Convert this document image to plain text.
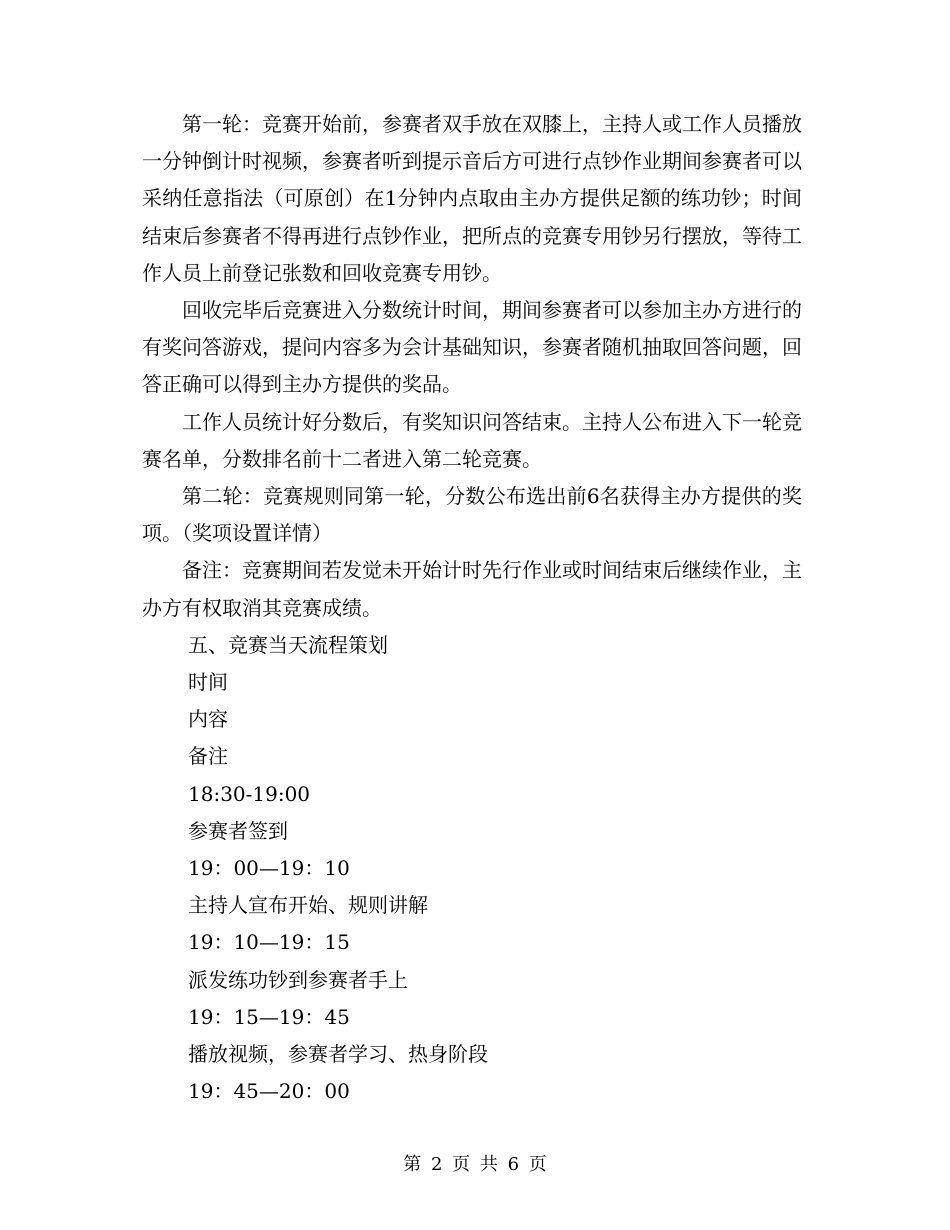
第一轮：竞赛开始前，参赛者双手放在双膝上，主持人或工作人员播放一分钟倒计时视频，参赛者听到提示音后方可进行点钞作业期间参赛者可以采纳任意指法（可原创）在1分钟内点取由主办方提供足额的练功钞；时间结束后参赛者不得再进行点钞作业，把所点的竞赛专用钞另行摆放，等待工作人员上前登记张数和回收竞赛专用钞。

回收完毕后竞赛进入分数统计时间，期间参赛者可以参加主办方进行的有奖问答游戏，提问内容多为会计基础知识，参赛者随机抽取回答问题，回答正确可以得到主办方提供的奖品。

工作人员统计好分数后，有奖知识问答结束。主持人公布进入下一轮竞赛名单，分数排名前十二者进入第二轮竞赛。

第二轮：竞赛规则同第一轮，分数公布选出前6名获得主办方提供的奖项。（奖项设置详情）

备注：竞赛期间若发觉未开始计时先行作业或时间结束后继续作业，主办方有权取消其竞赛成绩。

五、竞赛当天流程策划

时间

内容

备注

18:30-19:00

参赛者签到

19：00—19：10

主持人宣布开始、规则讲解

19：10—19：15

派发练功钞到参赛者手上

19：15—19：45

播放视频，参赛者学习、热身阶段

19：45—20：00

第 2 页 共 6 页
